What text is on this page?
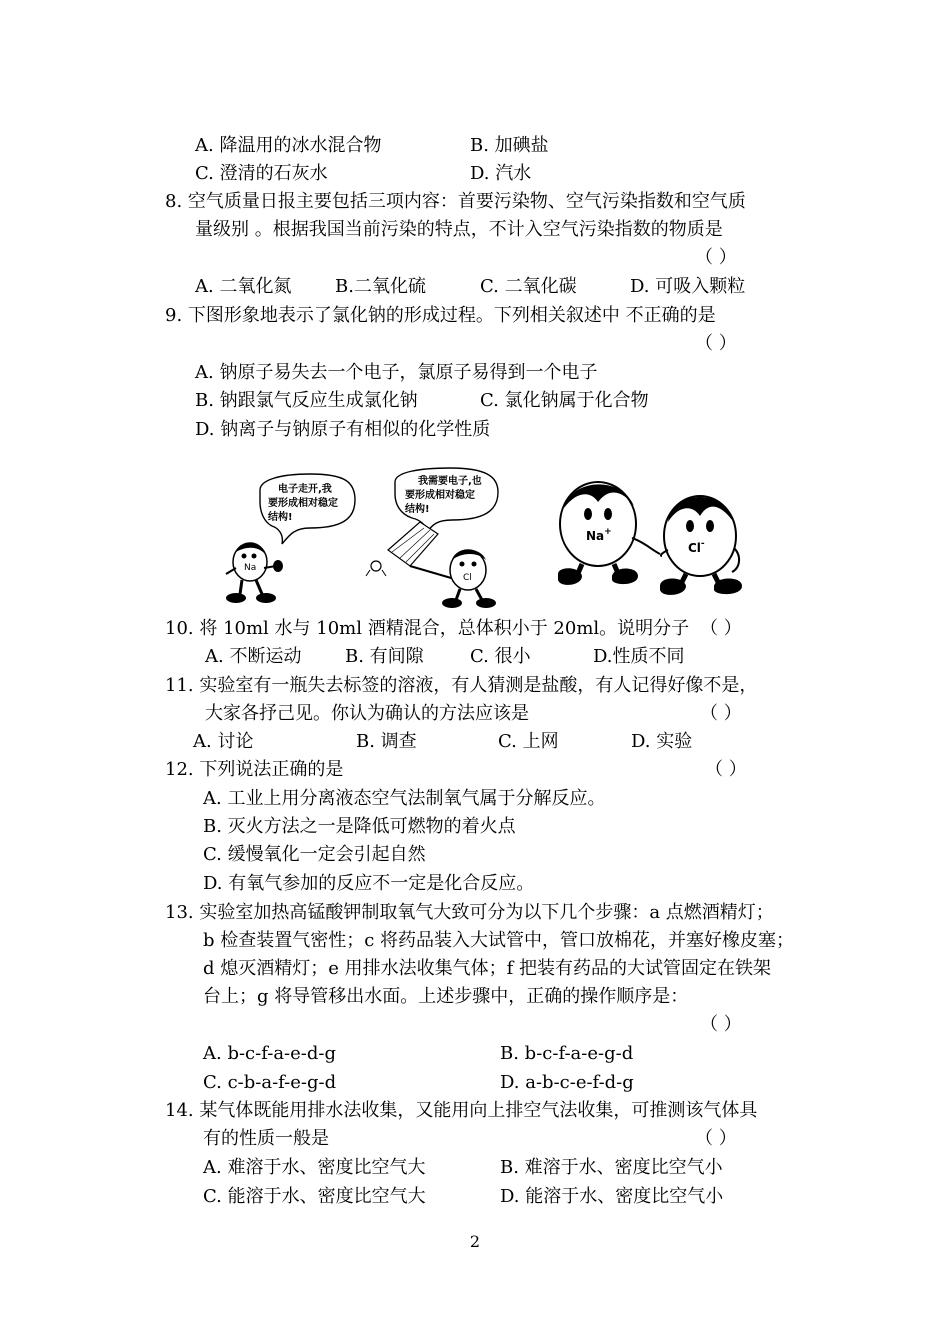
A. 降温用的冰水混合物	B. 加碘盐
C. 澄清的石灰水	D. 汽水
8. 空气质量日报主要包括三项内容：首要污染物、空气污染指数和空气质
量级别 。根据我国当前污染的特点，不计入空气污染指数的物质是
（ ）
A. 二氧化氮 B.二氧化硫	C. 二氧化碳	D. 可吸入颗粒
9. 下图形象地表示了氯化钠的形成过程。下列相关叙述中 不正确的是
（ ）
A. 钠原子易失去一个电子，氯原子易得到一个电子
B. 钠跟氯气反应生成氯化钠	C. 氯化钠属于化合物
D. 钠离子与钠原子有相似的化学性质
电子走开,我
要形成相对稳定
结构!
Na
我需要电子,也
要形成相对稳定
结构!
Cl
Na+
Cl-
10. 将 10ml 水与 10ml 酒精混合，总体积小于 20ml。说明分子 （ ）
A. 不断运动 B. 有间隙	C. 很小	D.性质不同
11. 实验室有一瓶失去标签的溶液，有人猜测是盐酸，有人记得好像不是，
大家各抒己见。你认为确认的方法应该是	（ ）
A. 讨论	B. 调查	C. 上网	D. 实验
12. 下列说法正确的是	（ ）
A. 工业上用分离液态空气法制氧气属于分解反应。
B. 灭火方法之一是降低可燃物的着火点
C. 缓慢氧化一定会引起自然
D. 有氧气参加的反应不一定是化合反应。
13. 实验室加热高锰酸钾制取氧气大致可分为以下几个步骤：a 点燃酒精灯；
b 检查装置气密性；c 将药品装入大试管中，管口放棉花，并塞好橡皮塞；
d 熄灭酒精灯；e 用排水法收集气体；f 把装有药品的大试管固定在铁架
台上；g 将导管移出水面。上述步骤中，正确的操作顺序是：
（ ）
A. b-c-f-a-e-d-g	B. b-c-f-a-e-g-d
C. c-b-a-f-e-g-d	D. a-b-c-e-f-d-g
14. 某气体既能用排水法收集，又能用向上排空气法收集，可推测该气体具
有的性质一般是	（ ）
A. 难溶于水、密度比空气大	B. 难溶于水、密度比空气小
C. 能溶于水、密度比空气大	D. 能溶于水、密度比空气小
2
